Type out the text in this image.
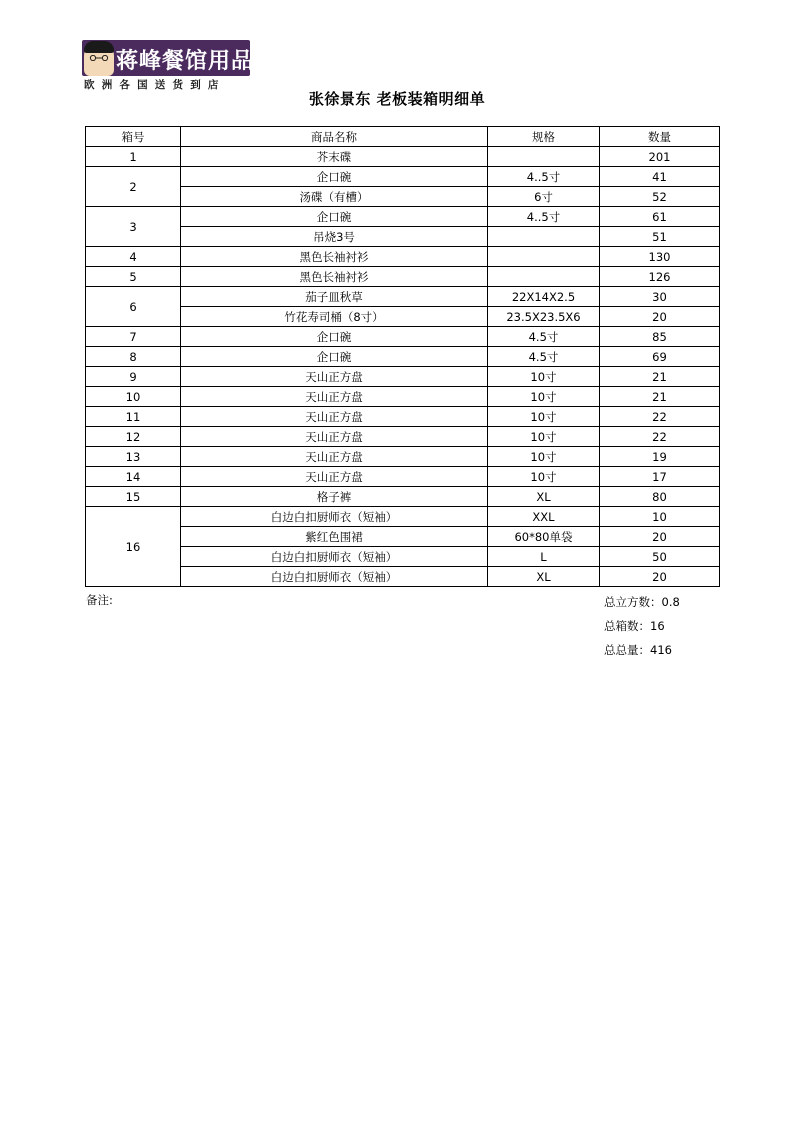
蒋峰餐馆用品
欧洲各国送货到店
张徐景东 老板装箱明细单
箱号	商品名称	规格	数量
1	芥末碟		201
2	企口碗	4..5寸	41
	汤碟（有槽）	6寸	52
3	企口碗	4..5寸	61
	吊烧3号		51
4	黑色长袖衬衫		130
5	黑色长袖衬衫		126
6	茄子皿秋草	22X14X2.5	30
	竹花寿司桶（8寸）	23.5X23.5X6	20
7	企口碗	4.5寸	85
8	企口碗	4.5寸	69
9	天山正方盘	10寸	21
10	天山正方盘	10寸	21
11	天山正方盘	10寸	22
12	天山正方盘	10寸	22
13	天山正方盘	10寸	19
14	天山正方盘	10寸	17
15	格子裤	XL	80
16	白边白扣厨师衣（短袖）	XXL	10
	紫红色围裙	60*80单袋	20
	白边白扣厨师衣（短袖）	L	50
	白边白扣厨师衣（短袖）	XL	20
备注:	总立方数：0.8
总箱数：16
总总量：416
